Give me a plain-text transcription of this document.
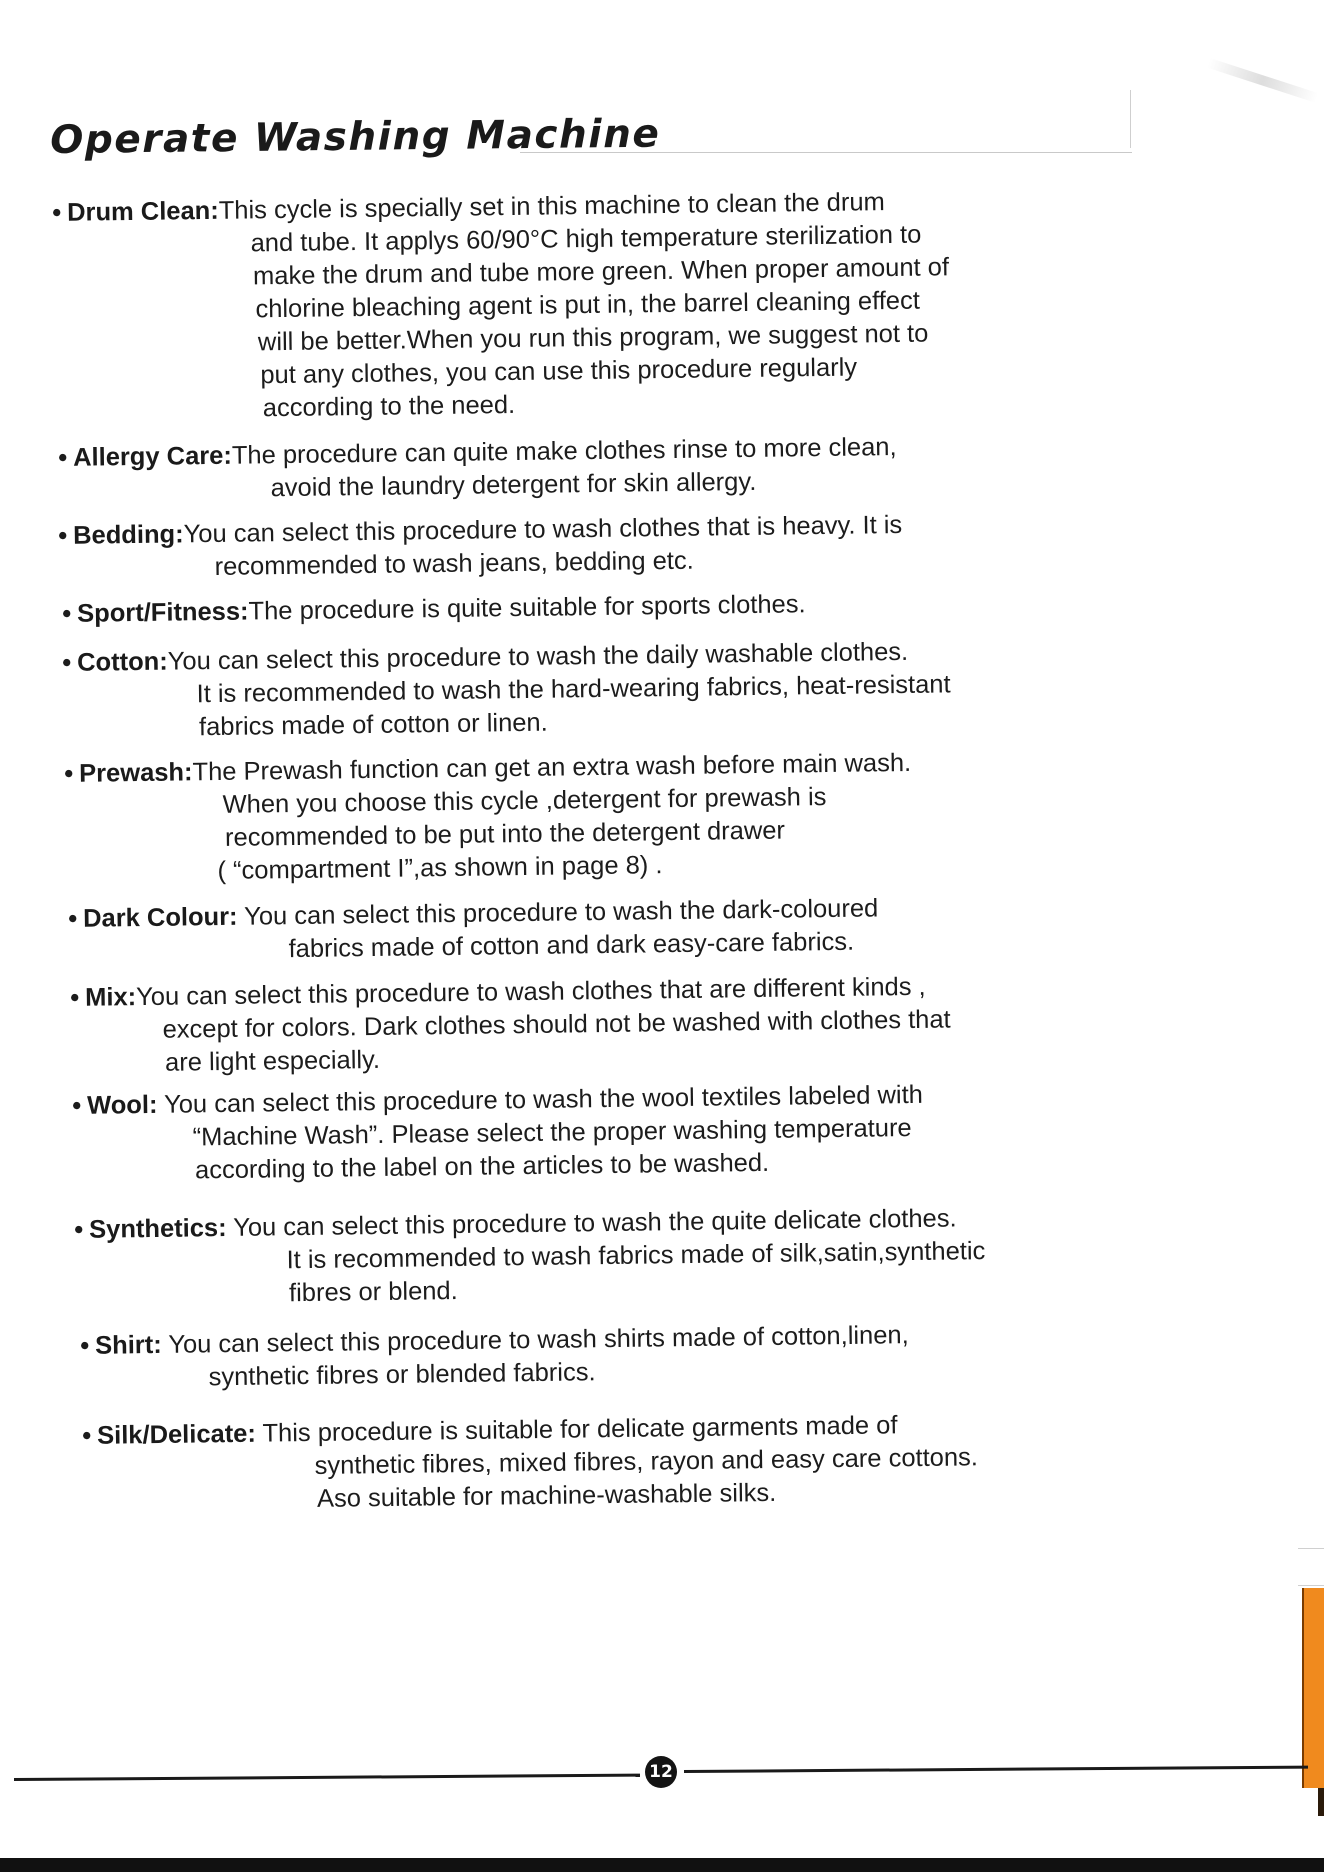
Operate Washing Machine
• Drum Clean:This cycle is specially set in this machine to clean the drum
and tube. It applys 60/90°C high temperature sterilization to
make the drum and tube more green. When proper amount of
chlorine bleaching agent is put in, the barrel cleaning effect
will be better.When you run this program, we suggest not to
put any clothes, you can use this procedure regularly
according to the need.
• Allergy Care:The procedure can quite make clothes rinse to more clean,
avoid the laundry detergent for skin allergy.
• Bedding:You can select this procedure to wash clothes that is heavy. It is
recommended to wash jeans, bedding etc.
• Sport/Fitness:The procedure is quite suitable for sports clothes.
• Cotton:You can select this procedure to wash the daily washable clothes.
It is recommended to wash the hard-wearing fabrics, heat-resistant
fabrics made of cotton or linen.
• Prewash:The Prewash function can get an extra wash before main wash.
When you choose this cycle ,detergent for prewash is
recommended to be put into the detergent drawer
( “compartment I”,as shown in page 8) .
• Dark Colour: You can select this procedure to wash the dark-coloured
fabrics made of cotton and dark easy-care fabrics.
• Mix:You can select this procedure to wash clothes that are different kinds ,
except for colors. Dark clothes should not be washed with clothes that
are light especially.
• Wool: You can select this procedure to wash the wool textiles labeled with
“Machine Wash”. Please select the proper washing temperature
according to the label on the articles to be washed.
• Synthetics: You can select this procedure to wash the quite delicate clothes.
It is recommended to wash fabrics made of silk,satin,synthetic
fibres or blend.
• Shirt: You can select this procedure to wash shirts made of cotton,linen,
synthetic fibres or blended fabrics.
• Silk/Delicate: This procedure is suitable for delicate garments made of
synthetic fibres, mixed fibres, rayon and easy care cottons.
Aso suitable for machine-washable silks.
12
